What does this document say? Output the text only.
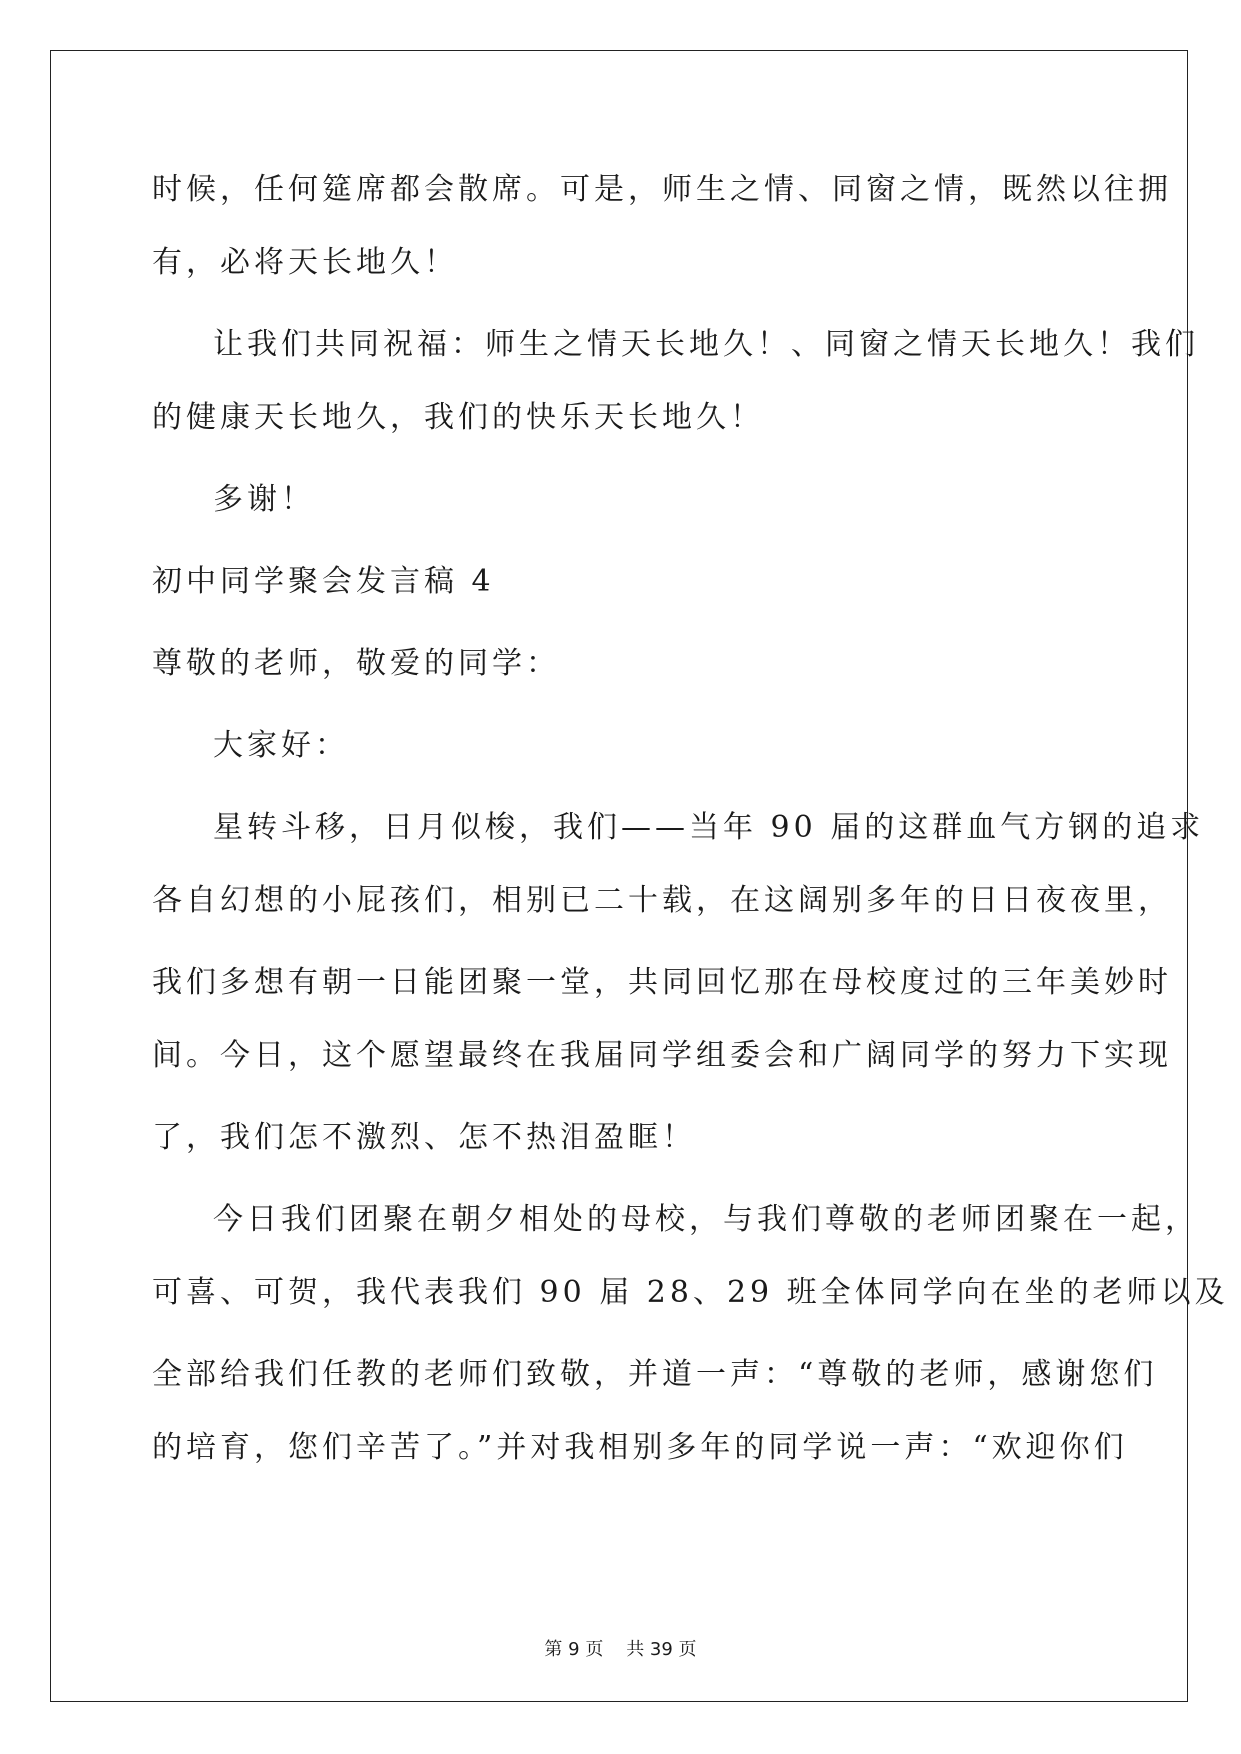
时候，任何筵席都会散席。可是，师生之情、同窗之情，既然以往拥
有，必将天长地久！
让我们共同祝福：师生之情天长地久！、同窗之情天长地久！我们
的健康天长地久，我们的快乐天长地久！
多谢！
初中同学聚会发言稿 4
尊敬的老师，敬爱的同学：
大家好：
星转斗移，日月似梭，我们——当年 90 届的这群血气方钢的追求
各自幻想的小屁孩们，相别已二十载，在这阔别多年的日日夜夜里，
我们多想有朝一日能团聚一堂，共同回忆那在母校度过的三年美妙时
间。今日，这个愿望最终在我届同学组委会和广阔同学的努力下实现
了，我们怎不激烈、怎不热泪盈眶！
今日我们团聚在朝夕相处的母校，与我们尊敬的老师团聚在一起，
可喜、可贺，我代表我们 90 届 28、29 班全体同学向在坐的老师以及
全部给我们任教的老师们致敬，并道一声：“尊敬的老师，感谢您们
的培育，您们辛苦了。”并对我相别多年的同学说一声：“欢迎你们
第 9 页    共 39 页
